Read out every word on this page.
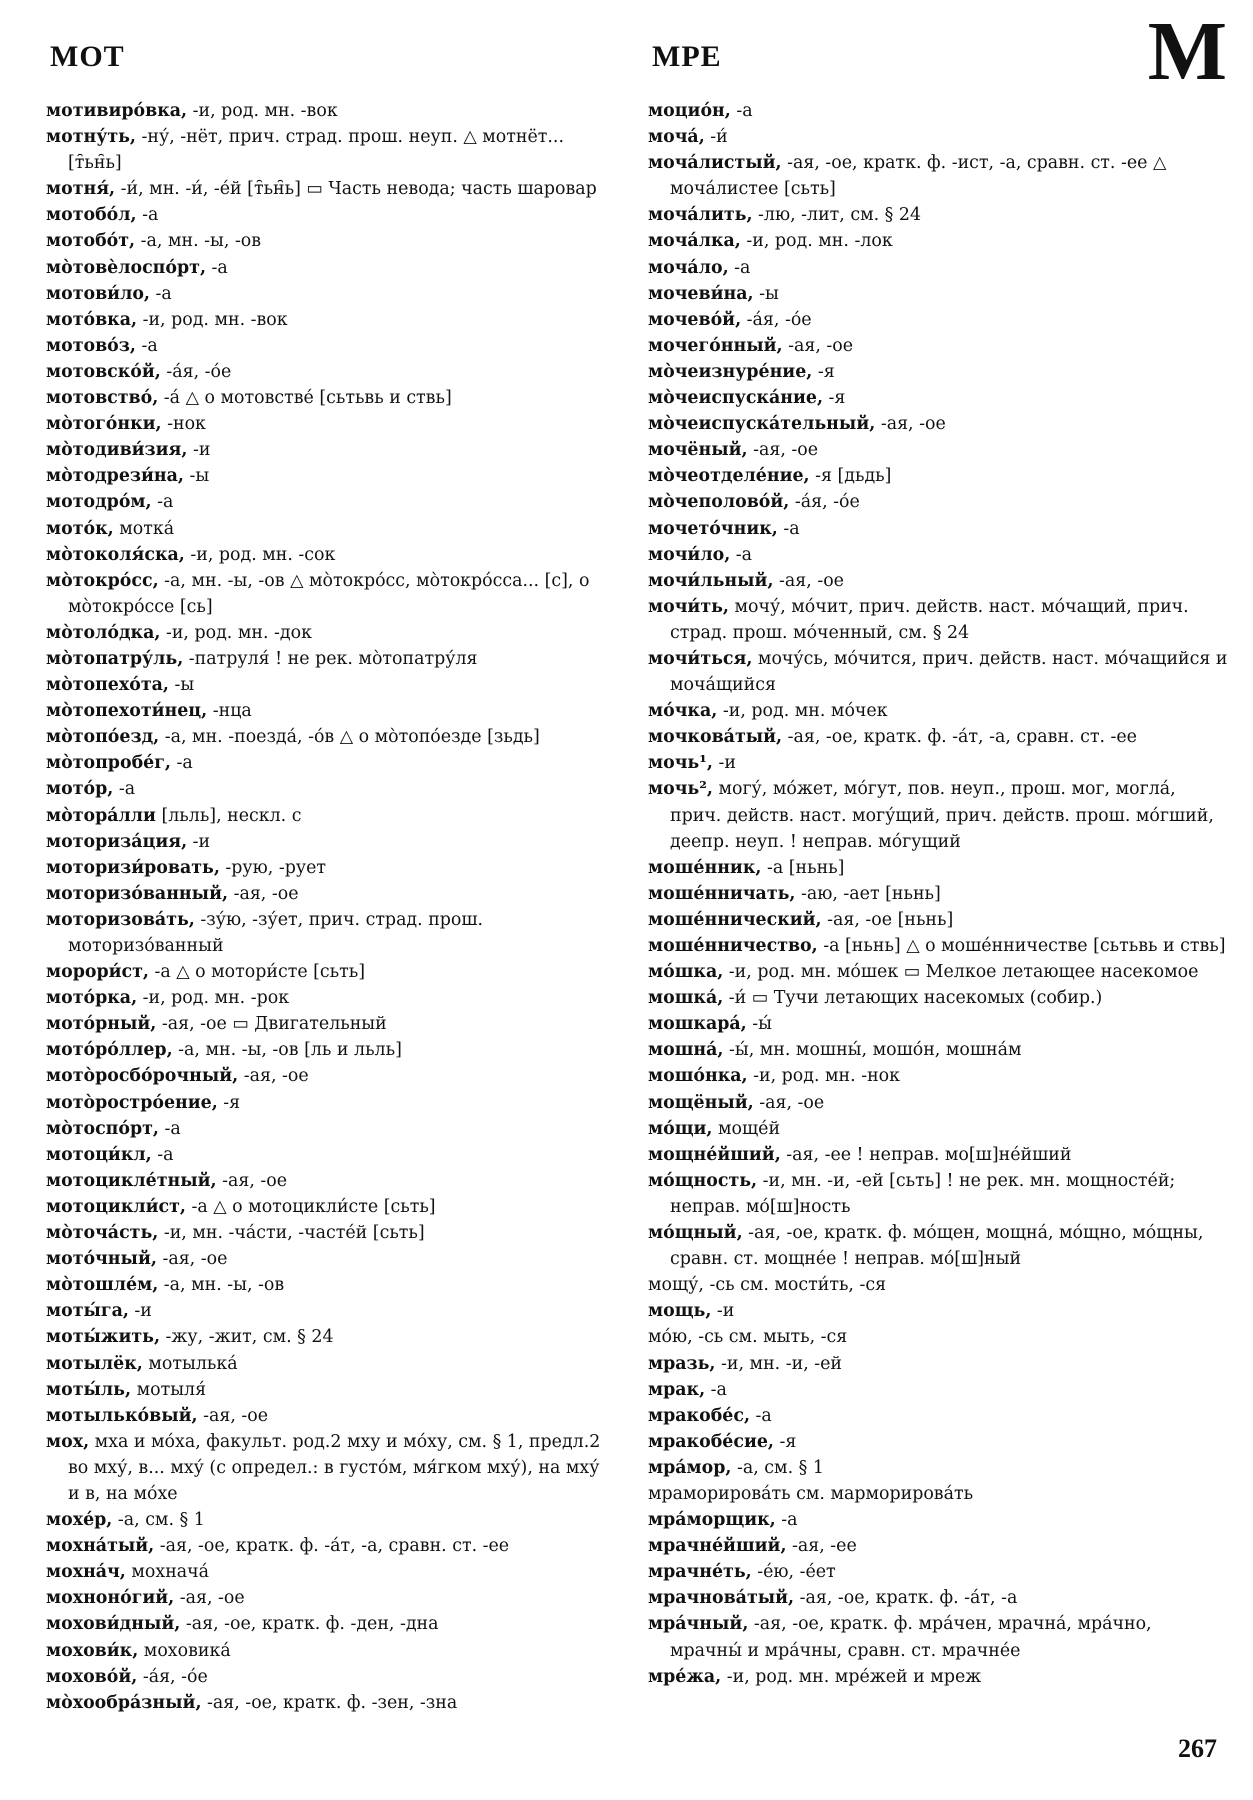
МОТ	МРЕ	М

мотивиро́вка, -и, род. мн. -вок

мотну́ть, -ну́, -нёт, прич. страд. прош. неуп. △ мотнёт... [т̑ьн̑ь]

мотня́, -и́, мн. -и́, -е́й [т̑ьн̑ь] ▭ Часть невода; часть шаровар

мотобо́л, -а

мотобо́т, -а, мн. -ы, -ов

мо̀товѐлоспо́рт, -а

мотови́ло, -а

мото́вка, -и, род. мн. -вок

мотово́з, -а

мотовско́й, -а́я, -о́е

мотовство́, -а́ △ о мотовстве́ [cьтьвь и ствь]

мо̀того́нки, -нок

мо̀тодиви́зия, -и

мо̀тодрези́на, -ы

мотодро́м, -а

мото́к, мотка́

мо̀токоля́ска, -и, род. мн. -сок

мо̀токро́сс, -а, мн. -ы, -ов △ мо̀токро́сс, мо̀токро́сса... [с], о мо̀токро́ссе [сь]

мо̀толо́дка, -и, род. мн. -док

мо̀топатру́ль, -патруля́ ! не рек. мо̀топатру́ля

мо̀топехо́та, -ы

мо̀топехоти́нец, -нца

мо̀топо́езд, -а, мн. -поезда́, -о́в △ о мо̀топо́езде [зьдь]

мо̀топробе́г, -а

мото́р, -а

мо̀тора́лли [льль], нескл. с

моториза́ция, -и

моторизи́ровать, -рую, -рует

моторизо́ванный, -ая, -ое

моторизова́ть, -зу́ю, -зу́ет, прич. страд. прош. моторизо́ванный

морори́ст, -а △ о мотори́сте [сьть]

мото́рка, -и, род. мн. -рок

мото́рный, -ая, -ое ▭ Двигательный

мото́ро́ллер, -а, мн. -ы, -ов [ль и льль]

мото̀росбо́рочный, -ая, -ое

мото̀ростро́ение, -я

мо̀тоспо́рт, -а

мотоци́кл, -а

мотоцикле́тный, -ая, -ое

мотоцикли́ст, -а △ о мотоцикли́сте [сьть]

мо̀точа́сть, -и, мн. -ча́сти, -часте́й [сьть]

мото́чный, -ая, -ое

мо̀тошле́м, -а, мн. -ы, -ов

моты́га, -и

моты́жить, -жу, -жит, см. § 24

мотылёк, мотылька́

моты́ль, мотыля́

мотылько́вый, -ая, -ое

мох, мха и мо́ха, факульт. род.2 мху и мо́ху, см. § 1, предл.2 во мху́, в... мху́ (с определ.: в густо́м, мя́гком мху́), на мху́ и в, на мо́хе

мохе́р, -а, см. § 1

мохна́тый, -ая, -ое, кратк. ф. -а́т, -а, сравн. ст. -ее

мохна́ч, мохнача́

мохноно́гий, -ая, -ое

мохови́дный, -ая, -ое, кратк. ф. -ден, -дна

мохови́к, моховика́

мохово́й, -а́я, -о́е

мо̀хообра́зный, -ая, -ое, кратк. ф. -зен, -зна

моцио́н, -а

моча́, -и́

моча́листый, -ая, -ое, кратк. ф. -ист, -а, сравн. ст. -ее △ моча́листее [сьть]

моча́лить, -лю, -лит, см. § 24

моча́лка, -и, род. мн. -лок

моча́ло, -а

мочеви́на, -ы

мочево́й, -а́я, -о́е

мочего́нный, -ая, -ое

мо̀чеизнуре́ние, -я

мо̀чеиспуска́ние, -я

мо̀чеиспуска́тельный, -ая, -ое

мочёный, -ая, -ое

мо̀чеотделе́ние, -я [дьдь]

мо̀чеполово́й, -а́я, -о́е

мочето́чник, -а

мочи́ло, -а

мочи́льный, -ая, -ое

мочи́ть, мочу́, мо́чит, прич. действ. наст. мо́чащий, прич. страд. прош. мо́ченный, см. § 24

мочи́ться, мочу́сь, мо́чится, прич. действ. наст. мо́чащийся и моча́щийся

мо́чка, -и, род. мн. мо́чек

мочкова́тый, -ая, -ое, кратк. ф. -а́т, -а, сравн. ст. -ее

мочь¹, -и

мочь², могу́, мо́жет, мо́гут, пов. неуп., прош. мог, могла́, прич. действ. наст. могу́щий, прич. действ. прош. мо́гший, деепр. неуп. ! неправ. мо́гущий

моше́нник, -а [ньнь]

моше́нничать, -аю, -ает [ньнь]

моше́ннический, -ая, -ое [ньнь]

моше́нничество, -а [ньнь] △ о моше́нничестве [сьтьвь и ствь]

мо́шка, -и, род. мн. мо́шек ▭ Мелкое летающее насекомое

мошка́, -и́ ▭ Тучи летающих насекомых (собир.)

мошкара́, -ы́

мошна́, -ы́, мн. мошны́, мошо́н, мошна́м

мошо́нка, -и, род. мн. -нок

мощёный, -ая, -ое

мо́щи, моще́й

мощне́йший, -ая, -ее ! неправ. мо[ш]не́йший

мо́щность, -и, мн. -и, -ей [сьть] ! не рек. мн. мощносте́й; неправ. мо́[ш]ность

мо́щный, -ая, -ое, кратк. ф. мо́щен, мощна́, мо́щно, мо́щны, сравн. ст. мощне́е ! неправ. мо́[ш]ный

мощу́, -сь см. мости́ть, -ся

мощь, -и

мо́ю, -сь см. мыть, -ся

мразь, -и, мн. -и, -ей

мрак, -а

мракобе́с, -а

мракобе́сие, -я

мра́мор, -а, см. § 1

мраморирова́ть см. марморирова́ть

мра́морщик, -а

мрачне́йший, -ая, -ее

мрачне́ть, -е́ю, -е́ет

мрачнова́тый, -ая, -ое, кратк. ф. -а́т, -а

мра́чный, -ая, -ое, кратк. ф. мра́чен, мрачна́, мра́чно, мрачны́ и мра́чны, сравн. ст. мрачне́е

мре́жа, -и, род. мн. мре́жей и мреж

267
